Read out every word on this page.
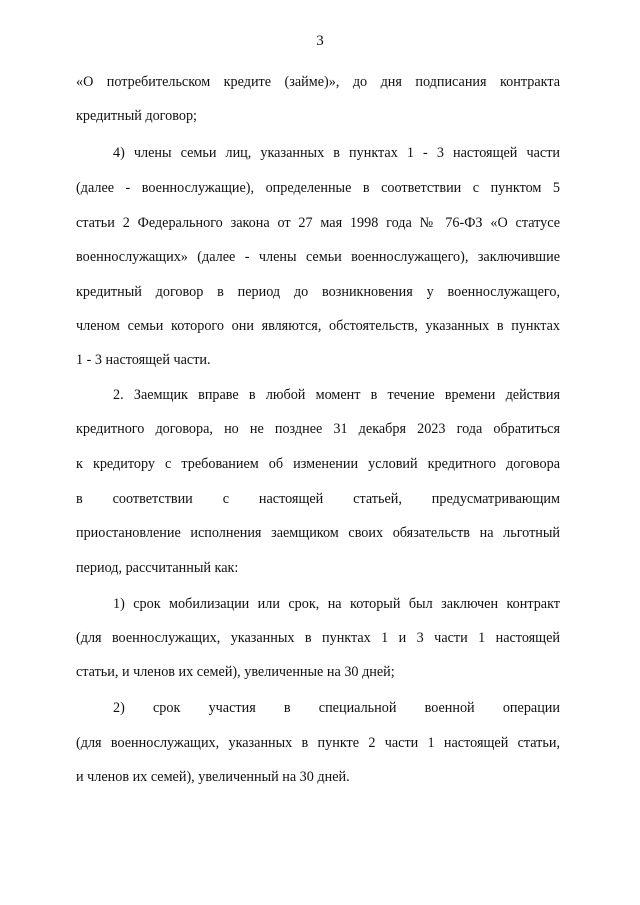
3
«О потребительском кредите (займе)», до дня подписания контракта
кредитный договор;
4) члены семьи лиц, указанных в пунктах 1 - 3 настоящей части
(далее - военнослужащие), определенные в соответствии с пунктом 5
статьи 2 Федерального закона от 27 мая 1998 года № 76-ФЗ «О статусе
военнослужащих» (далее - члены семьи военнослужащего), заключившие
кредитный договор в период до возникновения у военнослужащего,
членом семьи которого они являются, обстоятельств, указанных в пунктах
1 - 3 настоящей части.
2. Заемщик вправе в любой момент в течение времени действия
кредитного договора, но не позднее 31 декабря 2023 года обратиться
к кредитору с требованием об изменении условий кредитного договора
в соответствии с настоящей статьей, предусматривающим
приостановление исполнения заемщиком своих обязательств на льготный
период, рассчитанный как:
1) срок мобилизации или срок, на который был заключен контракт
(для военнослужащих, указанных в пунктах 1 и 3 части 1 настоящей
статьи, и членов их семей), увеличенные на 30 дней;
2) срок участия в специальной военной операции
(для военнослужащих, указанных в пункте 2 части 1 настоящей статьи,
и членов их семей), увеличенный на 30 дней.
